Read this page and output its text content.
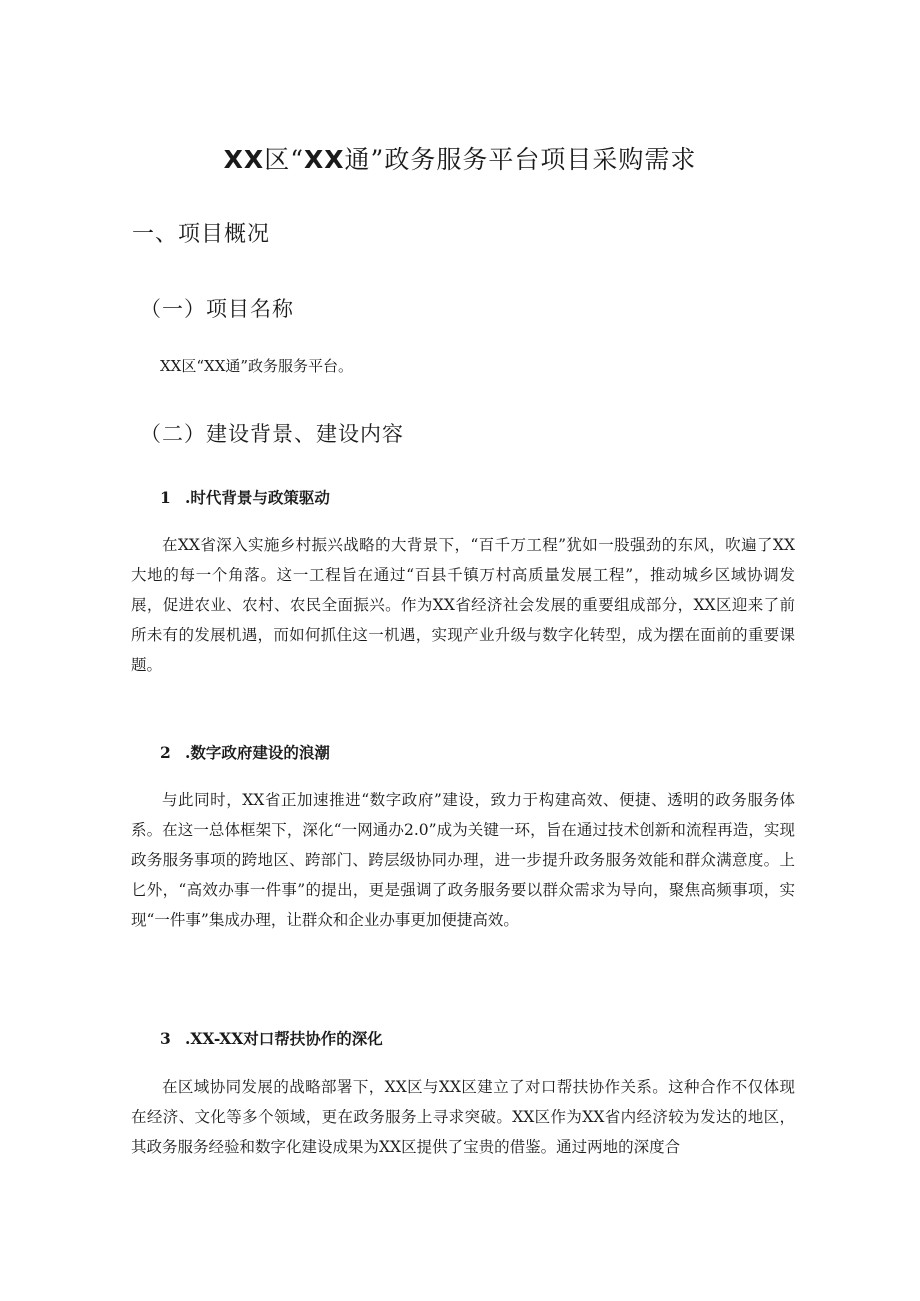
XX区“XX通”政务服务平台项目采购需求
一、项目概况
（一）项目名称
XX区“XX通”政务服务平台。
（二）建设背景、建设内容
1 .时代背景与政策驱动
在XX省深入实施乡村振兴战略的大背景下，“百千万工程”犹如一股强劲的东风，吹遍了XX大地的每一个角落。这一工程旨在通过“百县千镇万村高质量发展工程”，推动城乡区域协调发展，促进农业、农村、农民全面振兴。作为XX省经济社会发展的重要组成部分，XX区迎来了前所未有的发展机遇，而如何抓住这一机遇，实现产业升级与数字化转型，成为摆在面前的重要课题。
2 .数字政府建设的浪潮
与此同时，XX省正加速推进“数字政府”建设，致力于构建高效、便捷、透明的政务服务体系。在这一总体框架下，深化“一网通办2.0”成为关键一环，旨在通过技术创新和流程再造，实现政务服务事项的跨地区、跨部门、跨层级协同办理，进一步提升政务服务效能和群众满意度。上匕外，“高效办事一件事”的提出，更是强调了政务服务要以群众需求为导向，聚焦高频事项，实现“一件事”集成办理，让群众和企业办事更加便捷高效。
3 .XX-XX对口帮扶协作的深化
在区域协同发展的战略部署下，XX区与XX区建立了对口帮扶协作关系。这种合作不仅体现在经济、文化等多个领域，更在政务服务上寻求突破。XX区作为XX省内经济较为发达的地区，其政务服务经验和数字化建设成果为XX区提供了宝贵的借鉴。通过两地的深度合
